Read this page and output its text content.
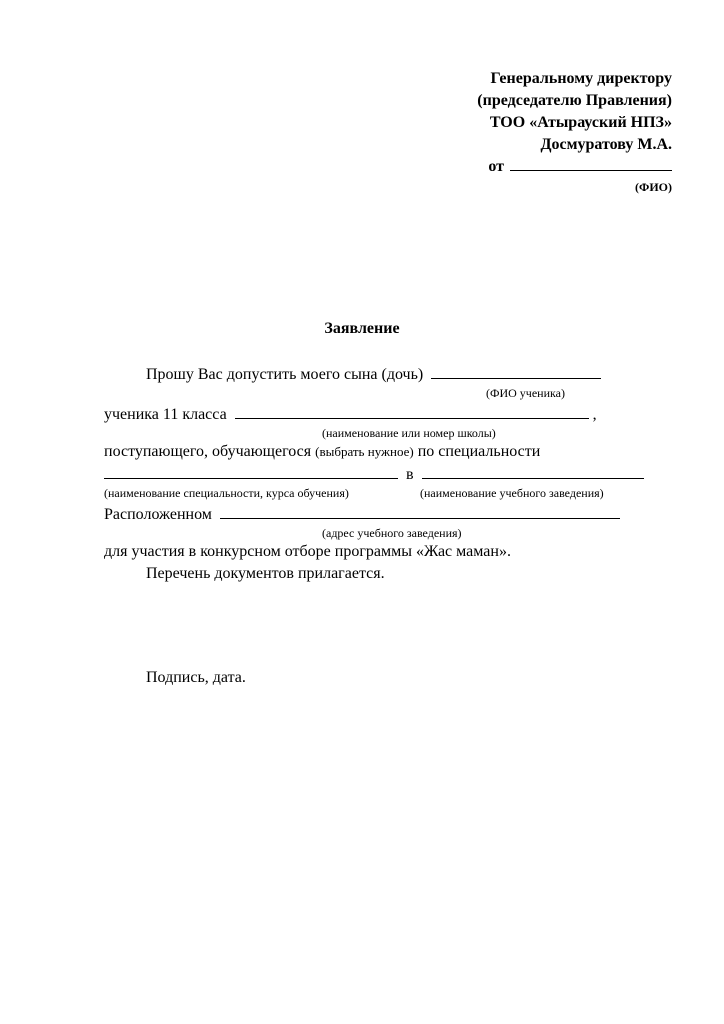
Генеральному директору
(председателю Правления)
ТОО «Атырауский НПЗ»
Досмуратову М.А.
от
(ФИО)
Заявление
Прошу Вас допустить моего сына (дочь)
(ФИО ученика)
ученика 11 класса	,
(наименование или номер школы)
поступающего, обучающегося (выбрать нужное) по специальности
в
(наименование специальности, курса обучения)	(наименование учебного заведения)
Расположенном
(адрес учебного заведения)
для участия в конкурсном отборе программы «Жас маман».
Перечень документов прилагается.
Подпись, дата.
